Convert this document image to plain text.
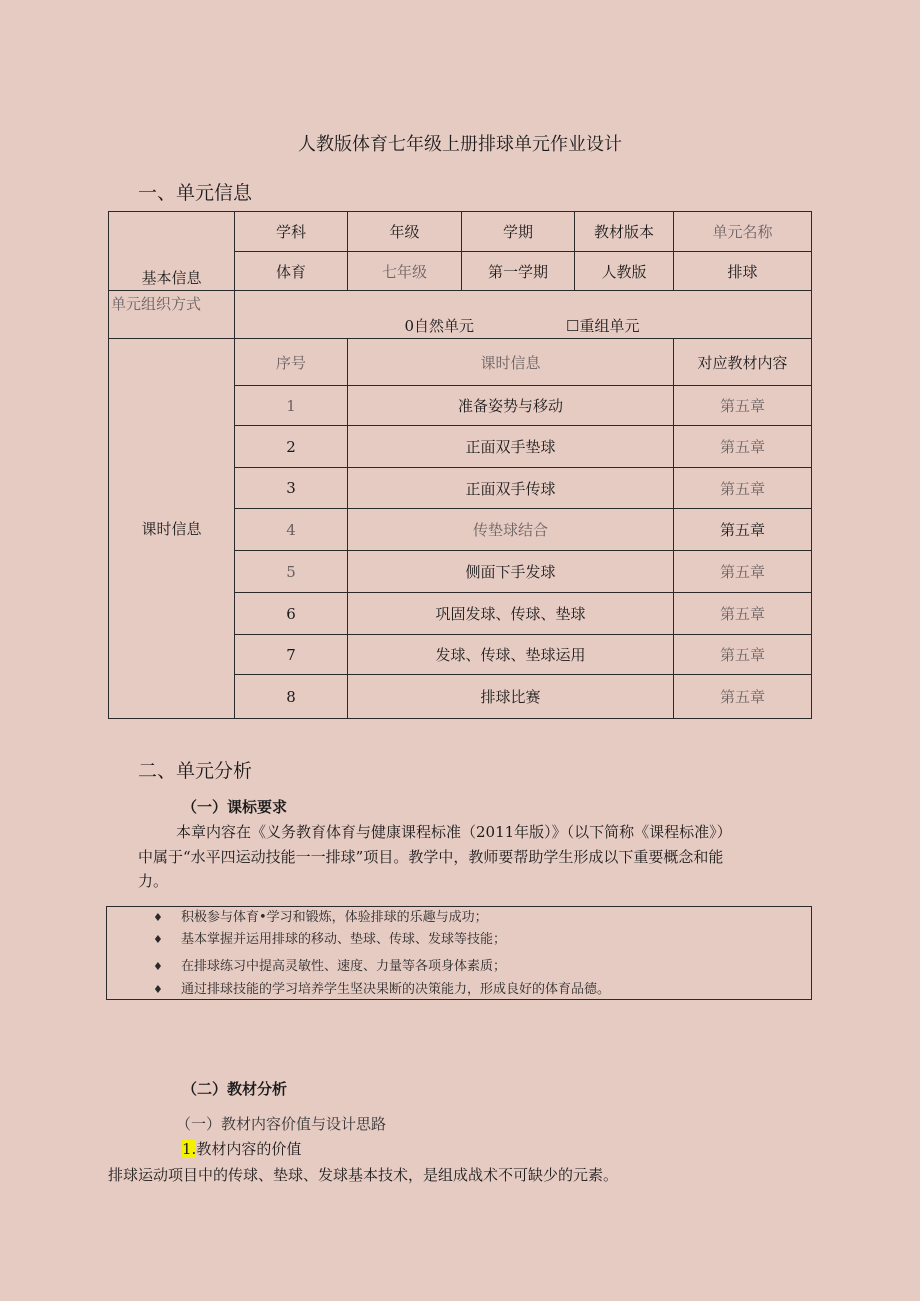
人教版体育七年级上册排球单元作业设计
一、单元信息
基本信息	学科	年级	学期	教材版本	单元名称
	体育	七年级	第一学期	人教版	排球
单元组织方式	0自然单元 ☐重组单元				
课时信息	序号	课时信息			对应教材内容
	1	准备姿势与移动			第五章
	2	正面双手垫球			第五章
	3	正面双手传球			第五章
	4	传垫球结合			第五章
	5	侧面下手发球			第五章
	6	巩固发球、传球、垫球			第五章
	7	发球、传球、垫球运用			第五章
	8	排球比赛			第五章
二、单元分析
（一）课标要求
本章内容在《义务教育体育与健康课程标准（2011年版）》（以下简称《课程标准》）
中属于“水平四运动技能一一排球”项目。教学中，教师要帮助学生形成以下重要概念和能
力。
♦ 积极参与体育•学习和锻炼，体验排球的乐趣与成功；
♦ 基本掌握并运用排球的移动、垫球、传球、发球等技能；
♦ 在排球练习中提高灵敏性、速度、力量等各项身体素质；
♦ 通过排球技能的学习培养学生坚决果断的决策能力，形成良好的体育品德。
（二）教材分析
（一）教材内容价值与设计思路
1.教材内容的价值
排球运动项目中的传球、垫球、发球基本技术，是组成战术不可缺少的元素。
